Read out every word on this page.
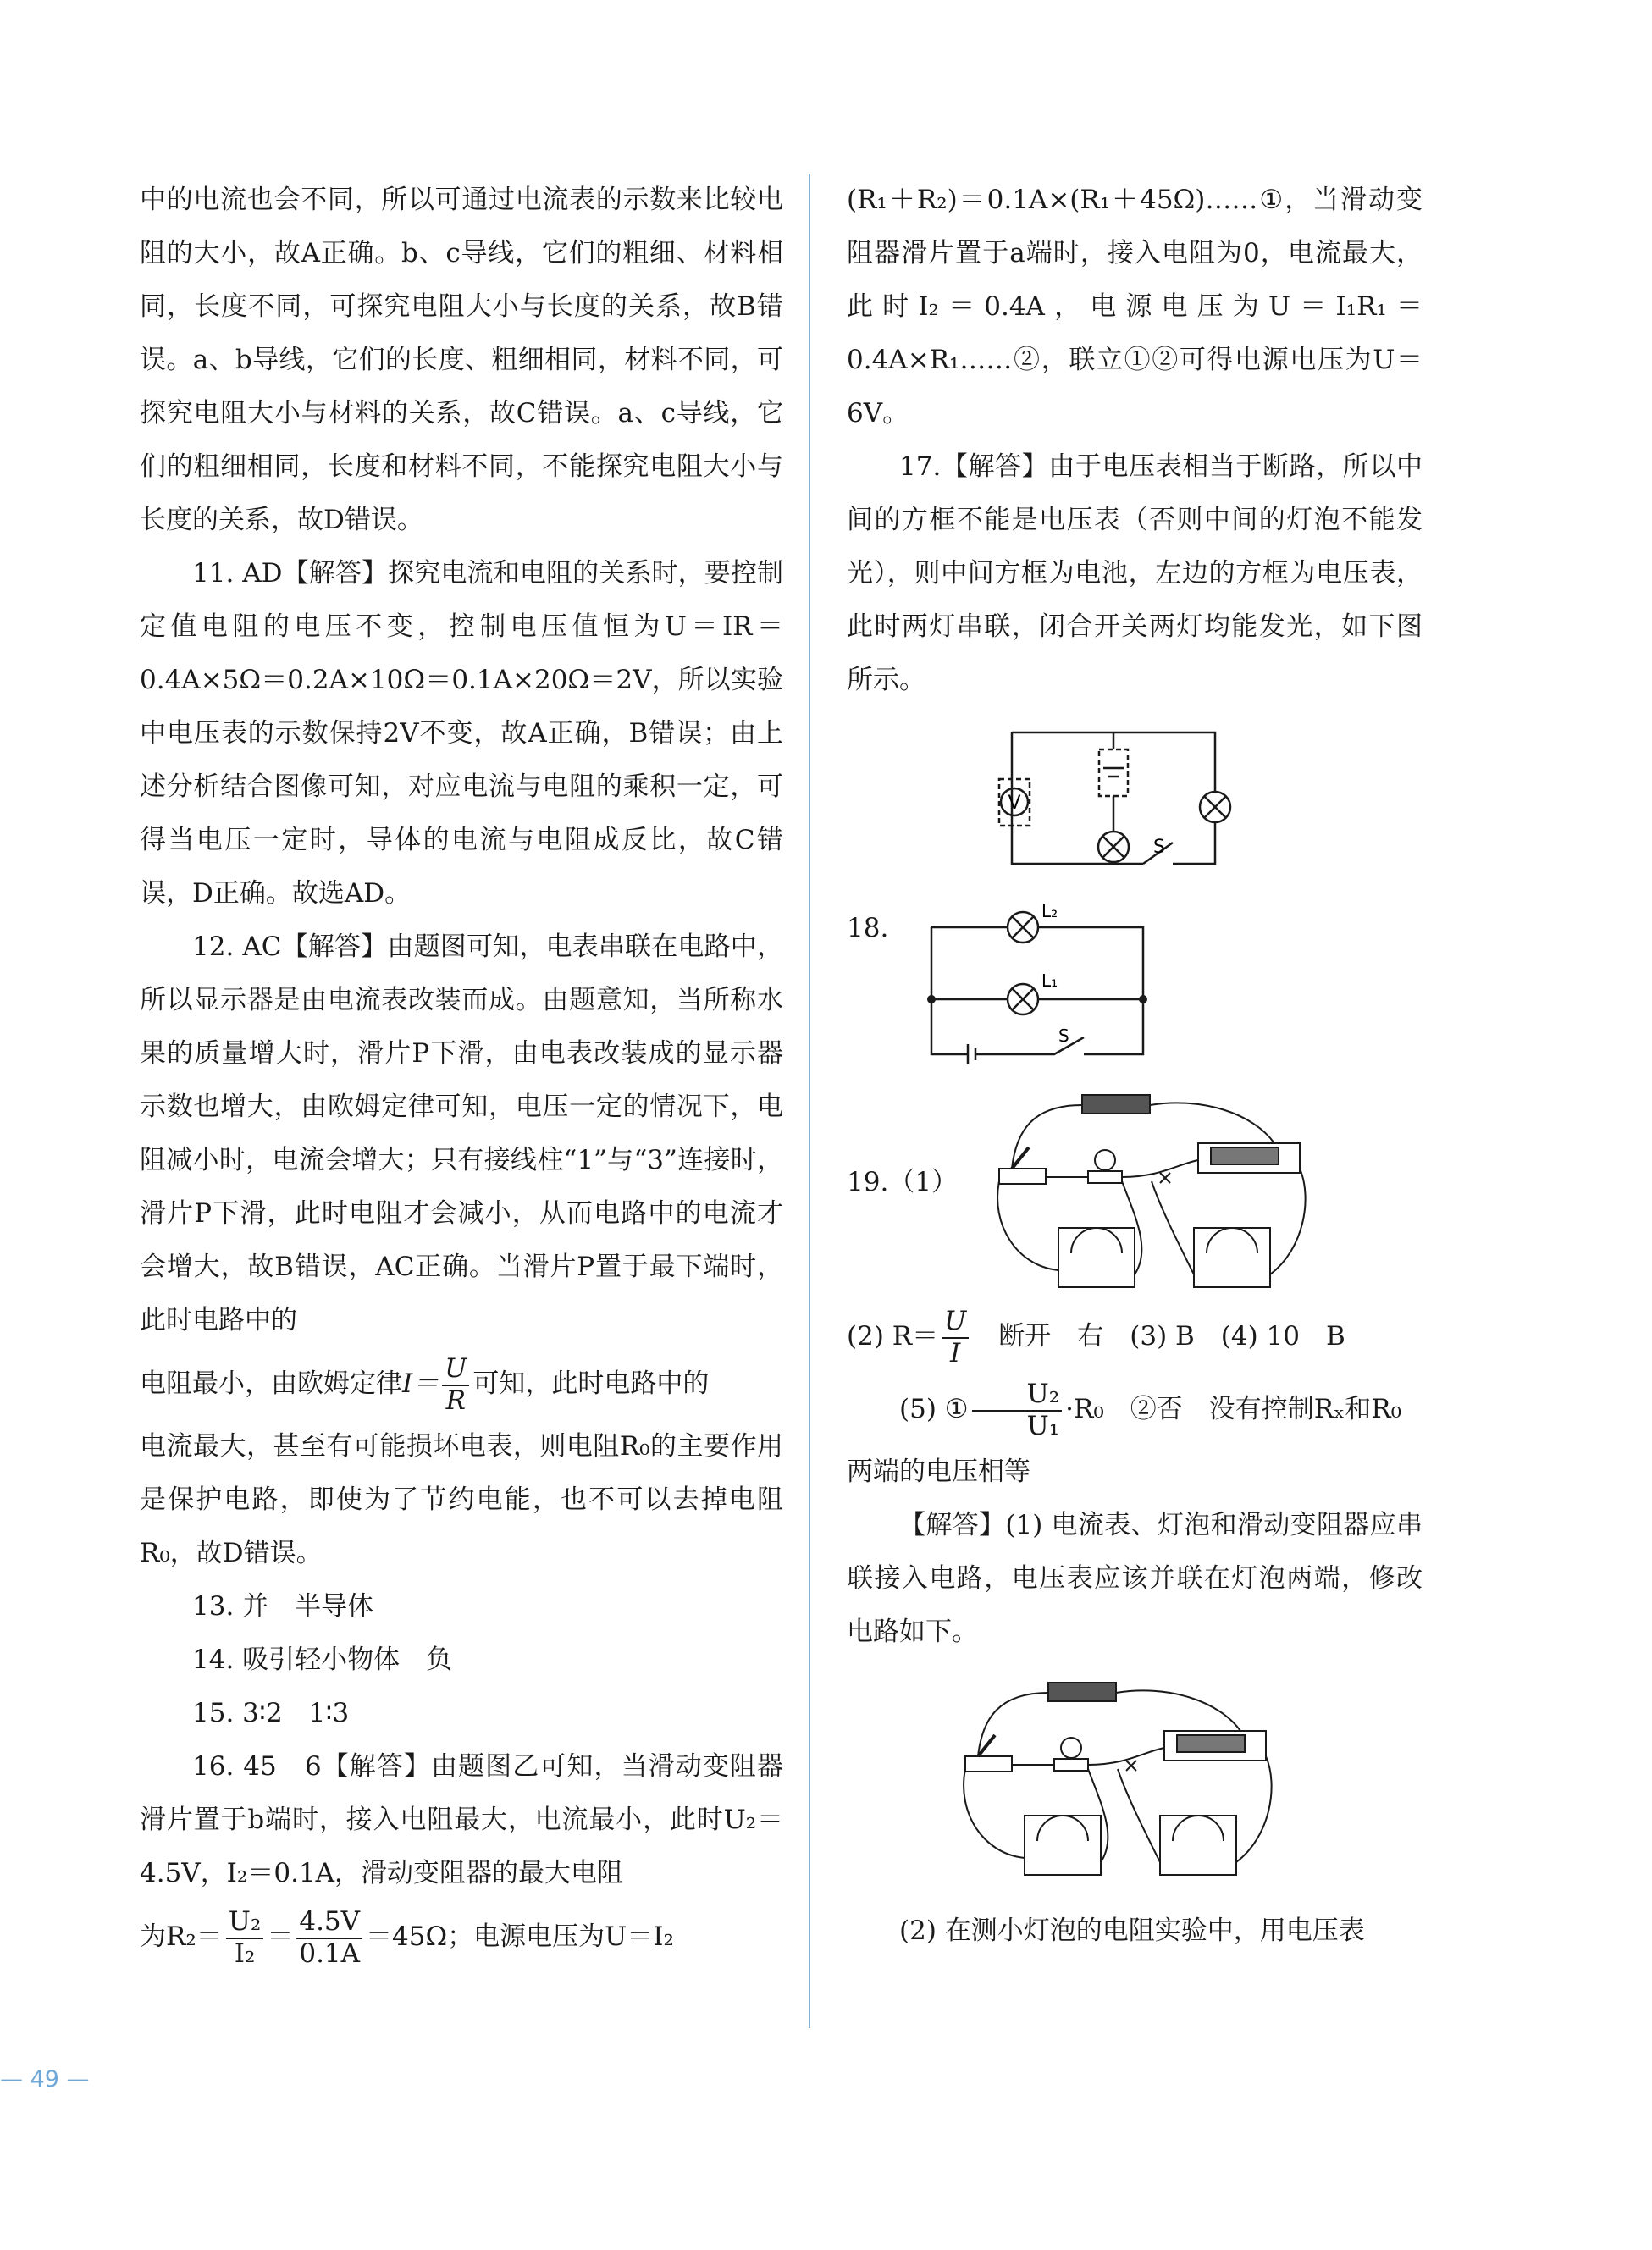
中的电流也会不同，所以可通过电流表的示数来比较电阻的大小，故A正确。b、c导线，它们的粗细、材料相同，长度不同，可探究电阻大小与长度的关系，故B错误。a、b导线，它们的长度、粗细相同，材料不同，可探究电阻大小与材料的关系，故C错误。a、c导线，它们的粗细相同，长度和材料不同，不能探究电阻大小与长度的关系，故D错误。

11. AD【解答】探究电流和电阻的关系时，要控制定值电阻的电压不变，控制电压值恒为U＝IR＝0.4A×5Ω＝0.2A×10Ω＝0.1A×20Ω＝2V，所以实验中电压表的示数保持2V不变，故A正确，B错误；由上述分析结合图像可知，对应电流与电阻的乘积一定，可得当电压一定时，导体的电流与电阻成反比，故C错误，D正确。故选AD。

12. AC【解答】由题图可知，电表串联在电路中，所以显示器是由电流表改装而成。由题意知，当所称水果的质量增大时，滑片P下滑，由电表改装成的显示器示数也增大，由欧姆定律可知，电压一定的情况下，电阻减小时，电流会增大；只有接线柱“1”与“3”连接时，滑片P下滑，此时电阻才会减小，从而电路中的电流才会增大，故B错误，AC正确。当滑片P置于最下端时，此时电路中的

电阻最小，由欧姆定律$I= \frac{U}{R}$ 可知，此时电路中的

电流最大，甚至有可能损坏电表，则电阻R₀的主要作用是保护电路，即使为了节约电能，也不可以去掉电阻R₀，故D错误。

13. 并　半导体

14. 吸引轻小物体　负

15. 3∶2　1∶3

16. 45　6【解答】由题图乙可知，当滑动变阻器滑片置于b端时，接入电阻最大，电流最小，此时U₂＝4.5V，I₂＝0.1A，滑动变阻器的最大电阻

为$R_2= \frac{\text{U₂}}{\text{I₂}} = \frac{4.5V}{0.1A} =45\Omega$；电源电压为U＝I₂

(R₁＋R₂)＝0.1A×(R₁＋45Ω)……①，当滑动变阻器滑片置于a端时，接入电阻为0，电流最大，此时I₂＝0.4A，电源电压为U＝I₁R₁＝0.4A×R₁……②，联立①②可得电源电压为U＝6V。

17.【解答】由于电压表相当于断路，所以中间的方框不能是电压表（否则中间的灯泡不能发光），则中间方框为电池，左边的方框为电压表，此时两灯串联，闭合开关两灯均能发光，如下图所示。

V
S
18.
L₂
L₁
S
19.（1）

(2) $R= \frac{U}{I}$ 　断开　右　(3) B　(4) 10　B

(5) ① $\frac{\text{U₂}}{\text{U₁}} \cdot R_0$　②否　没有控制Rₓ和R₀

两端的电压相等

【解答】(1) 电流表、灯泡和滑动变阻器应串联接入电路，电压表应该并联在灯泡两端，修改电路如下。

(2) 在测小灯泡的电阻实验中，用电压表

— 49 —
